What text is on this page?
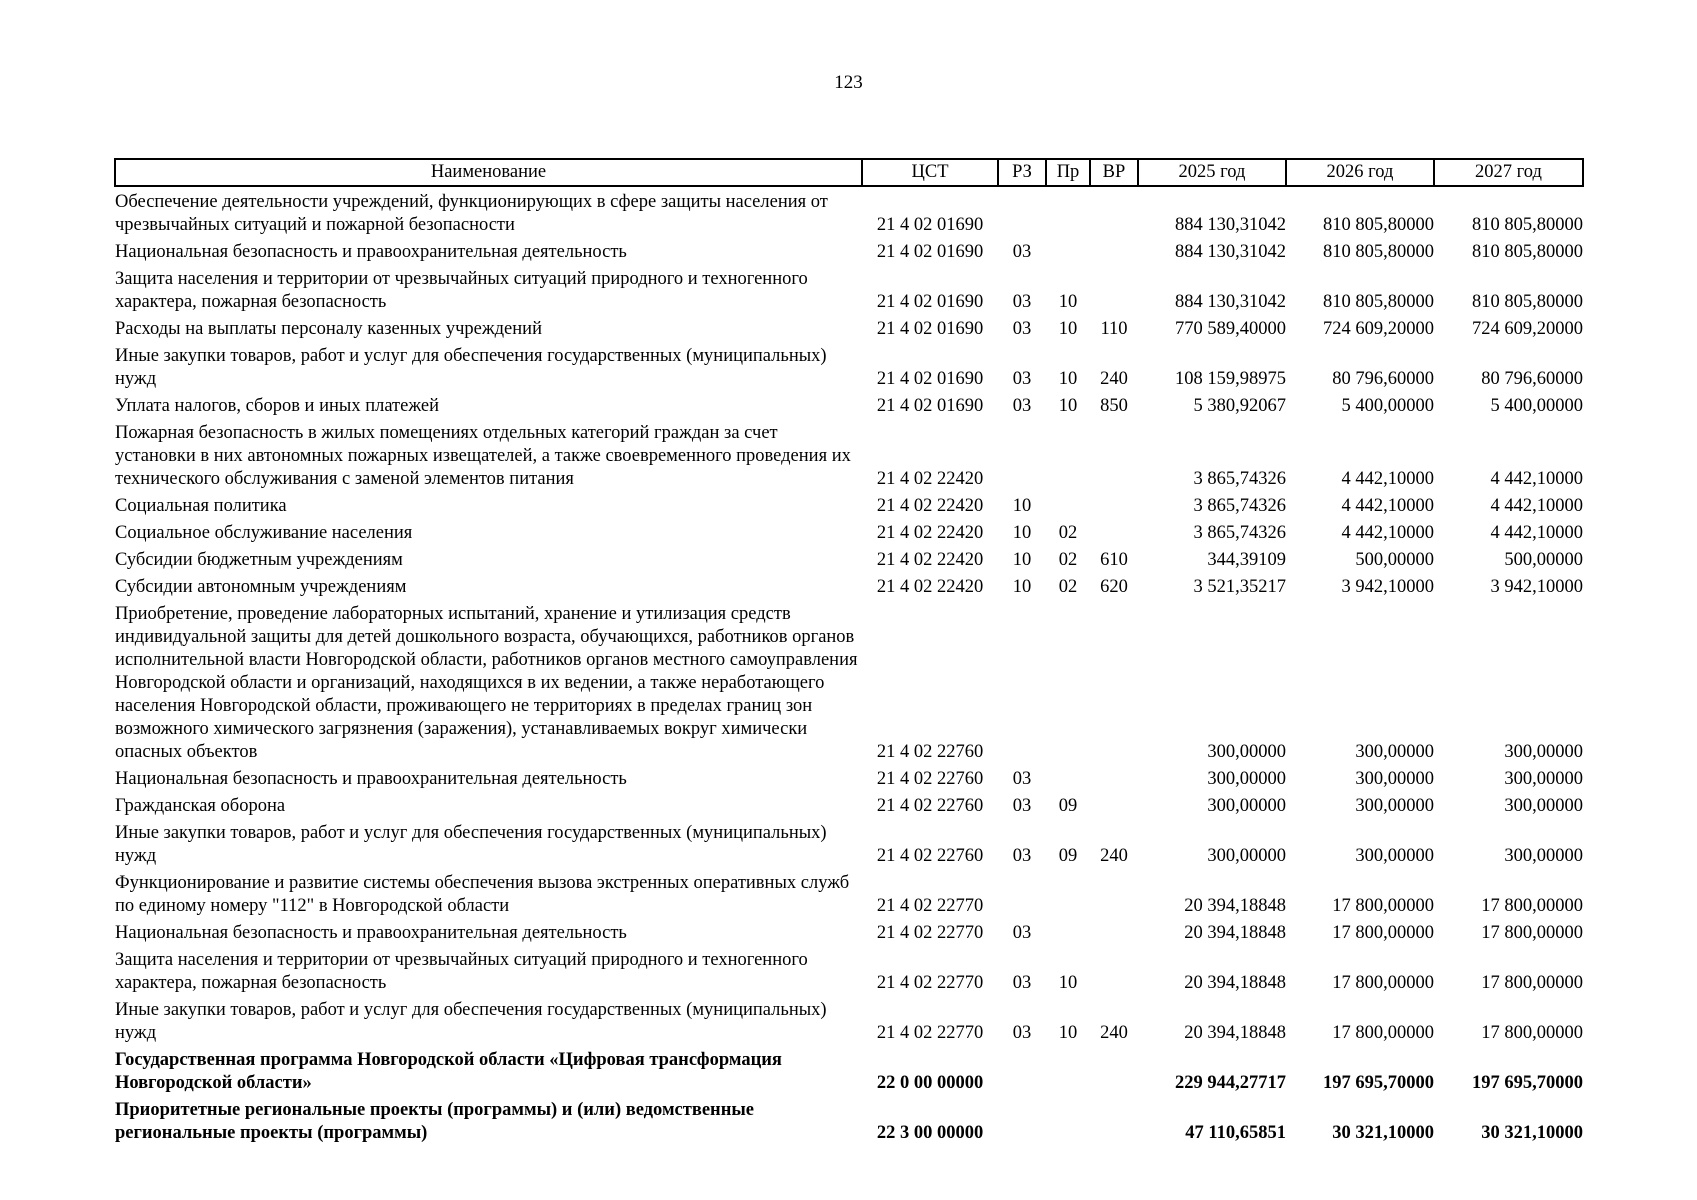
123
Наименование	ЦСТ	РЗ	Пр	ВР	2025 год	2026 год	2027 год
Обеспечение деятельности учреждений, функционирующих в сфере защиты населения от чрезвычайных ситуаций и пожарной безопасности	21 4 02 01690				884 130,31042	810 805,80000	810 805,80000
Национальная безопасность и правоохранительная деятельность	21 4 02 01690	03			884 130,31042	810 805,80000	810 805,80000
Защита населения и территории от чрезвычайных ситуаций природного и техногенного характера, пожарная безопасность	21 4 02 01690	03	10		884 130,31042	810 805,80000	810 805,80000
Расходы на выплаты персоналу казенных учреждений	21 4 02 01690	03	10	110	770 589,40000	724 609,20000	724 609,20000
Иные закупки товаров, работ и услуг для обеспечения государственных (муниципальных) нужд	21 4 02 01690	03	10	240	108 159,98975	80 796,60000	80 796,60000
Уплата налогов, сборов и иных платежей	21 4 02 01690	03	10	850	5 380,92067	5 400,00000	5 400,00000
Пожарная безопасность в жилых помещениях отдельных категорий граждан за счет установки в них автономных пожарных извещателей, а также своевременного проведения их технического обслуживания с заменой элементов питания	21 4 02 22420				3 865,74326	4 442,10000	4 442,10000
Социальная политика	21 4 02 22420	10			3 865,74326	4 442,10000	4 442,10000
Социальное обслуживание населения	21 4 02 22420	10	02		3 865,74326	4 442,10000	4 442,10000
Субсидии бюджетным учреждениям	21 4 02 22420	10	02	610	344,39109	500,00000	500,00000
Субсидии автономным учреждениям	21 4 02 22420	10	02	620	3 521,35217	3 942,10000	3 942,10000
Приобретение, проведение лабораторных испытаний, хранение и утилизация средств индивидуальной защиты для детей дошкольного возраста, обучающихся, работников органов исполнительной власти Новгородской области, работников органов местного самоуправления Новгородской области и организаций, находящихся в их ведении, а также неработающего населения Новгородской области, проживающего не территориях в пределах границ зон возможного химического загрязнения (заражения), устанавливаемых вокруг химически опасных объектов	21 4 02 22760				300,00000	300,00000	300,00000
Национальная безопасность и правоохранительная деятельность	21 4 02 22760	03			300,00000	300,00000	300,00000
Гражданская оборона	21 4 02 22760	03	09		300,00000	300,00000	300,00000
Иные закупки товаров, работ и услуг для обеспечения государственных (муниципальных) нужд	21 4 02 22760	03	09	240	300,00000	300,00000	300,00000
Функционирование и развитие системы обеспечения вызова экстренных оперативных служб по единому номеру "112" в Новгородской области	21 4 02 22770				20 394,18848	17 800,00000	17 800,00000
Национальная безопасность и правоохранительная деятельность	21 4 02 22770	03			20 394,18848	17 800,00000	17 800,00000
Защита населения и территории от чрезвычайных ситуаций природного и техногенного характера, пожарная безопасность	21 4 02 22770	03	10		20 394,18848	17 800,00000	17 800,00000
Иные закупки товаров, работ и услуг для обеспечения государственных (муниципальных) нужд	21 4 02 22770	03	10	240	20 394,18848	17 800,00000	17 800,00000
Государственная программа Новгородской области «Цифровая трансформация Новгородской области»	22 0 00 00000				229 944,27717	197 695,70000	197 695,70000
Приоритетные региональные проекты (программы) и (или) ведомственные региональные проекты (программы)	22 3 00 00000				47 110,65851	30 321,10000	30 321,10000
